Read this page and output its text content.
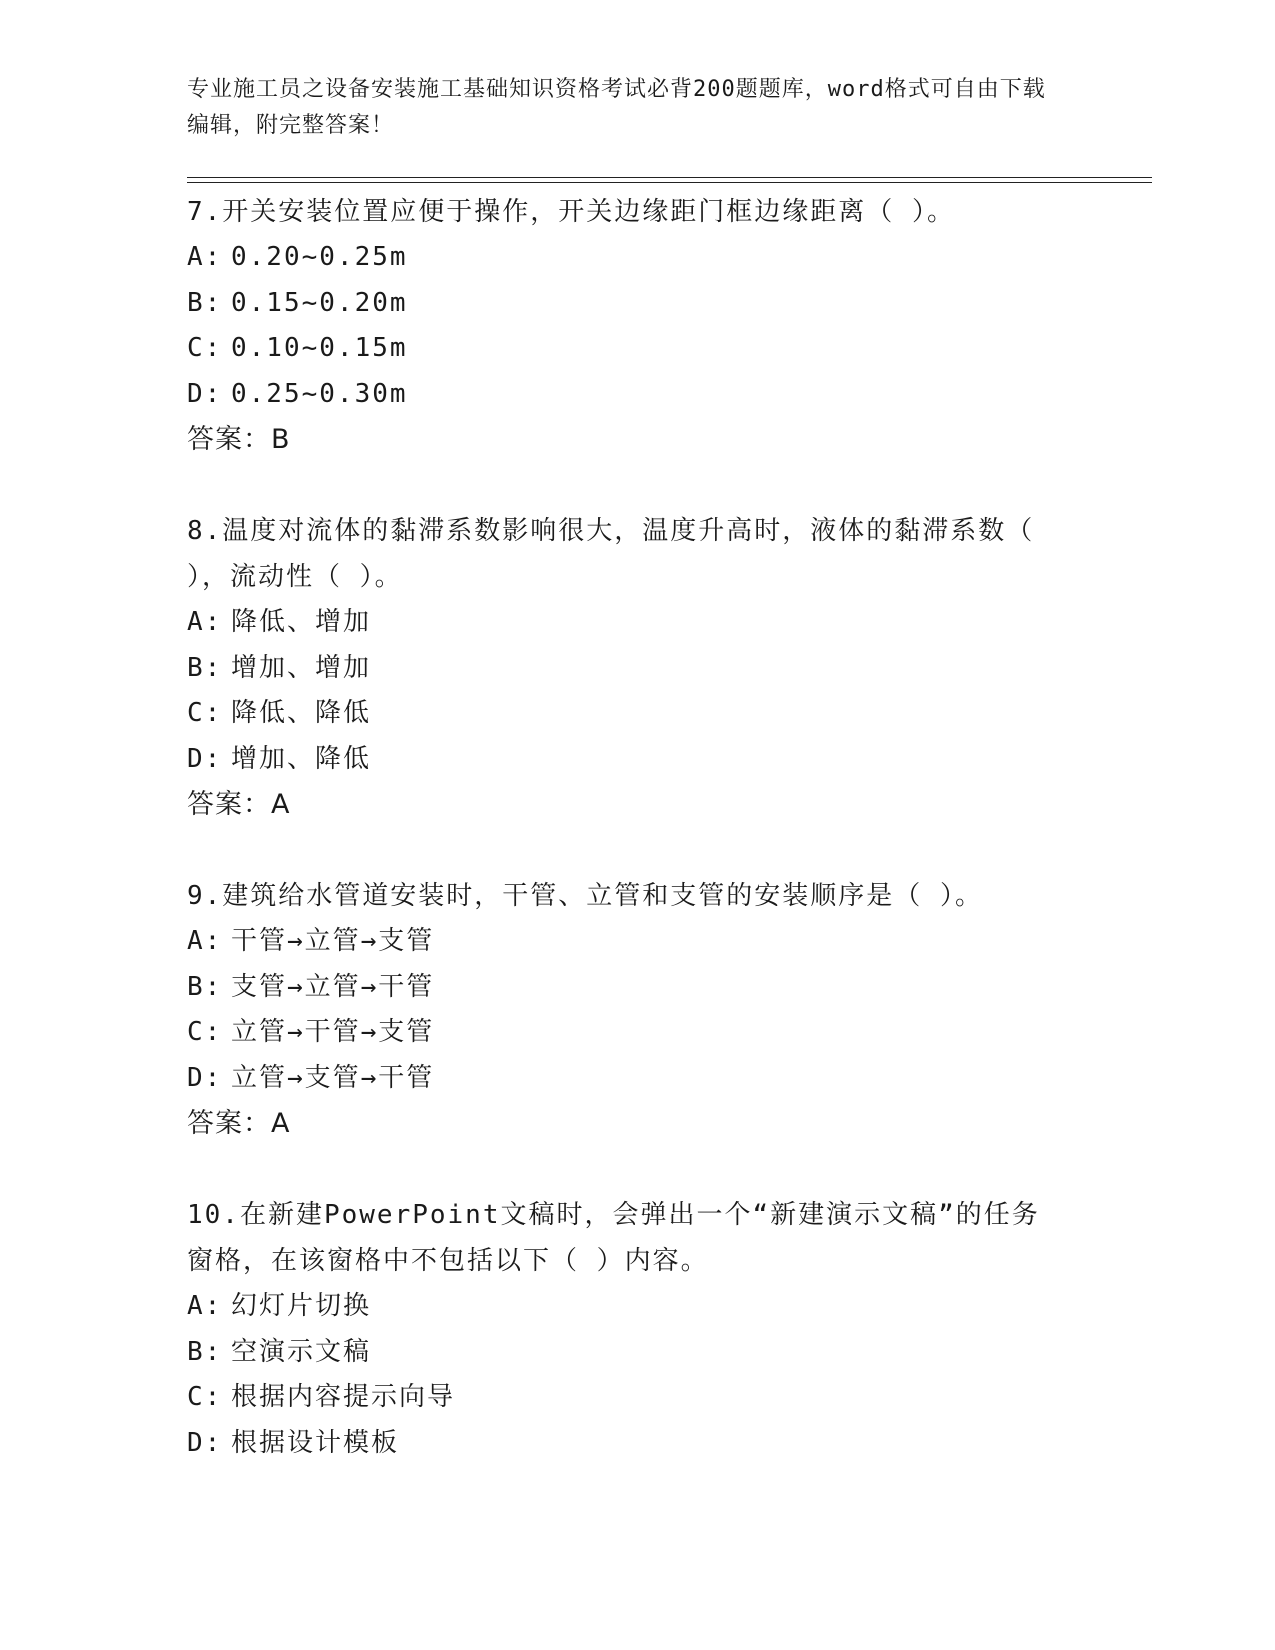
专业施工员之设备安装施工基础知识资格考试必背200题题库，word格式可自由下载编辑，附完整答案！

7.开关安装位置应便于操作，开关边缘距门框边缘距离（ ）。

A: 0.20~0.25m

B: 0.15~0.20m

C: 0.10~0.15m

D: 0.25~0.30m

答案：B

8.温度对流体的黏滞系数影响很大，温度升高时，液体的黏滞系数（ ），流动性（ ）。

A: 降低、增加

B: 增加、增加

C: 降低、降低

D: 增加、降低

答案：A

9.建筑给水管道安装时，干管、立管和支管的安装顺序是（ ）。

A: 干管→立管→支管

B: 支管→立管→干管

C: 立管→干管→支管

D: 立管→支管→干管

答案：A

10.在新建PowerPoint文稿时，会弹出一个“新建演示文稿”的任务窗格，在该窗格中不包括以下（ ）内容。

A: 幻灯片切换

B: 空演示文稿

C: 根据内容提示向导

D: 根据设计模板
